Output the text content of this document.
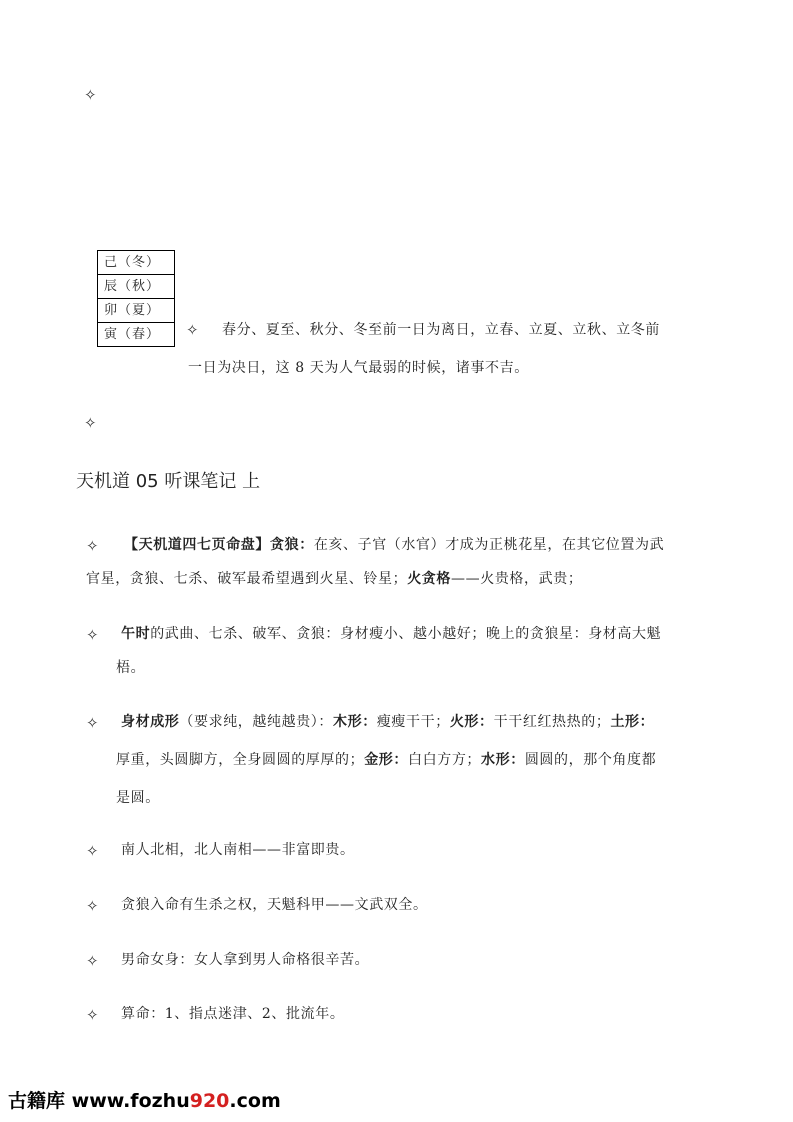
✧
己（冬）
辰（秋）
卯（夏）
寅（春） ✧ 春分、夏至、秋分、冬至前一日为离日，立春、立夏、立秋、立冬前
一日为决日，这 8 天为人气最弱的时候，诸事不吉。
✧
天机道 05 听课笔记 上
✧ 【天机道四七页命盘】贪狼：在亥、子官（水官）才成为正桃花星，在其它位置为武
官星，贪狼、七杀、破军最希望遇到火星、铃星；火贪格——火贵格，武贵；
✧ 午时的武曲、七杀、破军、贪狼：身材瘦小、越小越好；晚上的贪狼星：身材高大魁
梧。
✧ 身材成形（要求纯，越纯越贵）：木形：瘦瘦干干；火形：干干红红热热的；土形：
厚重，头圆脚方，全身圆圆的厚厚的；金形：白白方方；水形：圆圆的，那个角度都
是圆。
✧ 南人北相，北人南相——非富即贵。
✧ 贪狼入命有生杀之权，天魁科甲——文武双全。
✧ 男命女身：女人拿到男人命格很辛苦。
✧ 算命：1、指点迷津、2、批流年。
古籍库 www.fozhu920.com
